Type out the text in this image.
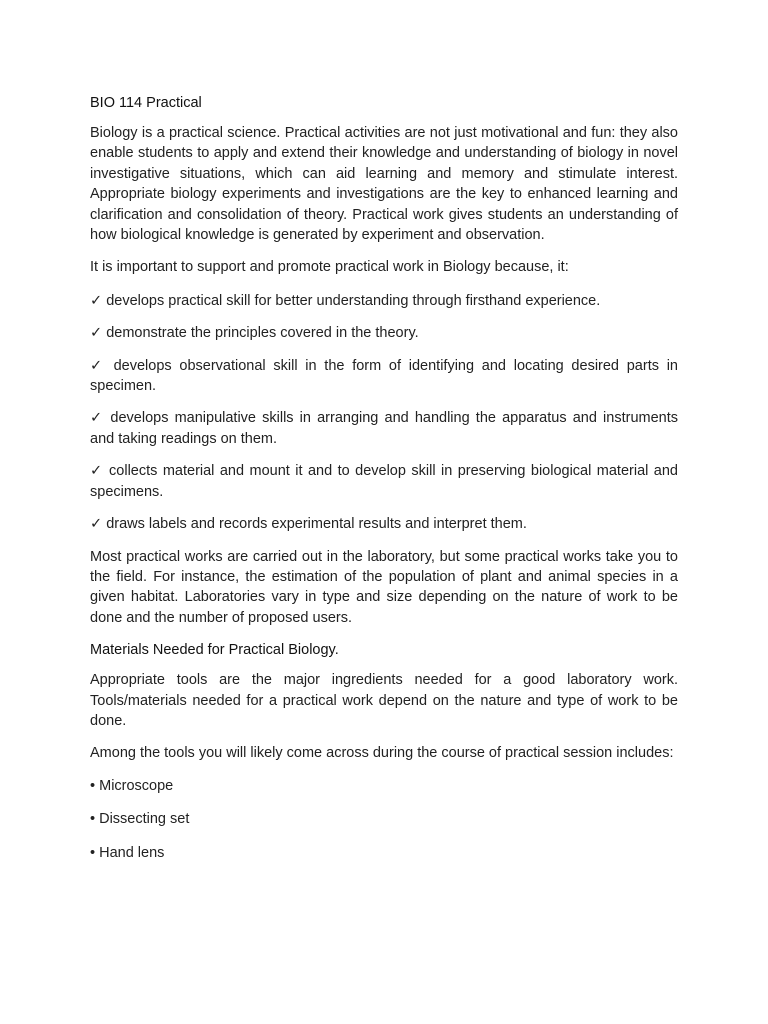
BIO 114 Practical

Biology is a practical science. Practical activities are not just motivational and fun: they also enable students to apply and extend their knowledge and understanding of biology in novel investigative situations, which can aid learning and memory and stimulate interest. Appropriate biology experiments and investigations are the key to enhanced learning and clarification and consolidation of theory. Practical work gives students an understanding of how biological knowledge is generated by experiment and observation.

It is important to support and promote practical work in Biology because, it:

✓ develops practical skill for better understanding through firsthand experience.

✓ demonstrate the principles covered in the theory.

✓ develops observational skill in the form of identifying and locating desired parts in specimen.

✓ develops manipulative skills in arranging and handling the apparatus and instruments and taking readings on them.

✓ collects material and mount it and to develop skill in preserving biological material and specimens.

✓ draws labels and records experimental results and interpret them.

Most practical works are carried out in the laboratory, but some practical works take you to the field. For instance, the estimation of the population of plant and animal species in a given habitat. Laboratories vary in type and size depending on the nature of work to be done and the number of proposed users.

Materials Needed for Practical Biology.

Appropriate tools are the major ingredients needed for a good laboratory work. Tools/materials needed for a practical work depend on the nature and type of work to be done.

Among the tools you will likely come across during the course of practical session includes:

• Microscope
• Dissecting set
• Hand lens
